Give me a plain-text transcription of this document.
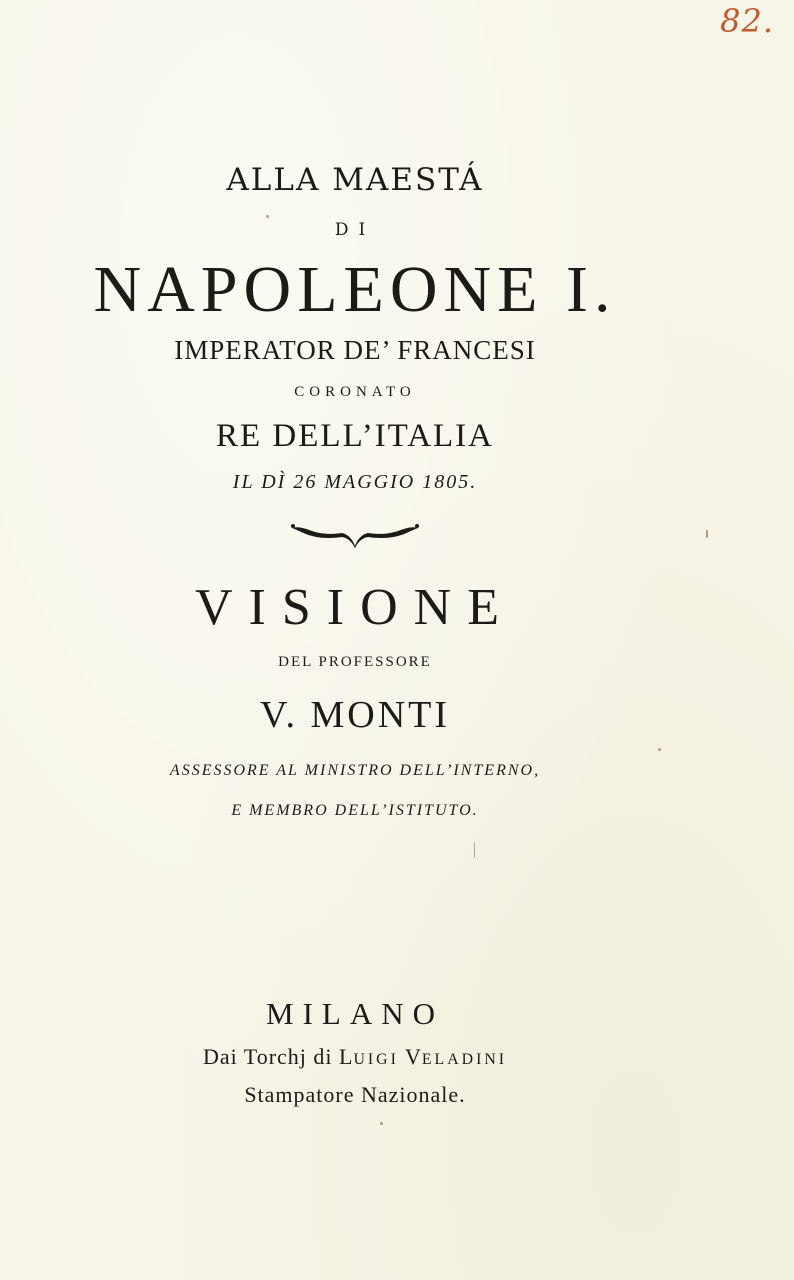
82.
ALLA MAESTÁ
DI
NAPOLEONE I.
IMPERATOR DE’ FRANCESI
CORONATO
RE DELL’ITALIA
IL DÌ 26 MAGGIO 1805.
VISIONE
DEL PROFESSORE
V. MONTI
ASSESSORE AL MINISTRO DELL’INTERNO,
E MEMBRO DELL’ISTITUTO.
MILANO
Dai Torchj di LUIGI VELADINI
Stampatore Nazionale.
